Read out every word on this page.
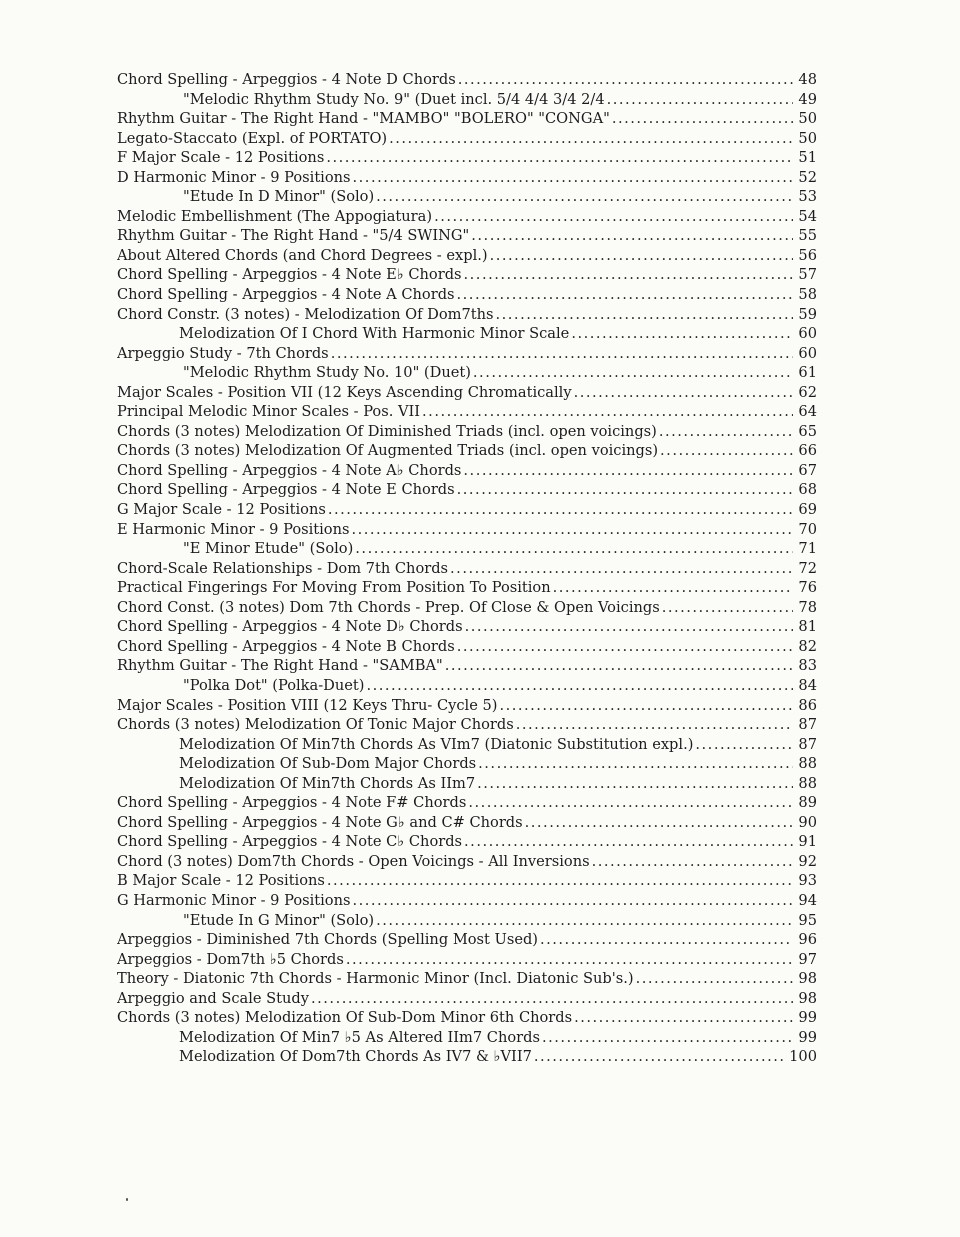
Chord Spelling - Arpeggios - 4 Note D Chords .....	48
"Melodic Rhythm Study No. 9" (Duet incl. 5/4 4/4 3/4 2/4 .....	49
Rhythm Guitar - The Right Hand - "MAMBO" "BOLERO" "CONGA" .....	50
Legato-Staccato (Expl. of PORTATO) .....	50
F Major Scale - 12 Positions .....	51
D Harmonic Minor - 9 Positions .....	52
"Etude In D Minor" (Solo) .....	53
Melodic Embellishment (The Appogiatura) .....	54
Rhythm Guitar - The Right Hand - "5/4 SWING" .....	55
About Altered Chords (and Chord Degrees - expl.) .....	56
Chord Spelling - Arpeggios - 4 Note E♭ Chords .....	57
Chord Spelling - Arpeggios - 4 Note A Chords .....	58
Chord Constr. (3 notes) - Melodization Of Dom7ths .....	59
Melodization Of I Chord With Harmonic Minor Scale .....	60
Arpeggio Study - 7th Chords .....	60
"Melodic Rhythm Study No. 10" (Duet) .....	61
Major Scales - Position VII (12 Keys Ascending Chromatically .....	62
Principal Melodic Minor Scales - Pos. VII .....	64
Chords (3 notes) Melodization Of Diminished Triads (incl. open voicings) .....	65
Chords (3 notes) Melodization Of Augmented Triads (incl. open voicings) .....	66
Chord Spelling - Arpeggios - 4 Note A♭ Chords .....	67
Chord Spelling - Arpeggios - 4 Note E Chords .....	68
G Major Scale - 12 Positions .....	69
E Harmonic Minor - 9 Positions .....	70
"E Minor Etude" (Solo) .....	71
Chord-Scale Relationships - Dom 7th Chords .....	72
Practical Fingerings For Moving From Position To Position .....	76
Chord Const. (3 notes) Dom 7th Chords - Prep. Of Close & Open Voicings .....	78
Chord Spelling - Arpeggios - 4 Note D♭ Chords .....	81
Chord Spelling - Arpeggios - 4 Note B Chords .....	82
Rhythm Guitar - The Right Hand - "SAMBA" .....	83
"Polka Dot" (Polka-Duet) .....	84
Major Scales - Position VIII (12 Keys Thru- Cycle 5) .....	86
Chords (3 notes) Melodization Of Tonic Major Chords .....	87
Melodization Of Min7th Chords As VIm7 (Diatonic Substitution expl.) .....	87
Melodization Of Sub-Dom Major Chords .....	88
Melodization Of Min7th Chords As IIm7 .....	88
Chord Spelling - Arpeggios - 4 Note F# Chords .....	89
Chord Spelling - Arpeggios - 4 Note G♭ and C# Chords .....	90
Chord Spelling - Arpeggios - 4 Note C♭ Chords .....	91
Chord (3 notes) Dom7th Chords - Open Voicings - All Inversions .....	92
B Major Scale - 12 Positions .....	93
G Harmonic Minor - 9 Positions .....	94
"Etude In G Minor" (Solo) .....	95
Arpeggios - Diminished 7th Chords (Spelling Most Used) .....	96
Arpeggios - Dom7th ♭5 Chords .....	97
Theory - Diatonic 7th Chords - Harmonic Minor (Incl. Diatonic Sub's.) .....	98
Arpeggio and Scale Study .....	98
Chords (3 notes) Melodization Of Sub-Dom Minor 6th Chords .....	99
Melodization Of Min7 ♭5 As Altered IIm7 Chords .....	99
Melodization Of Dom7th Chords As IV7 & ♭VII7 .....	100
